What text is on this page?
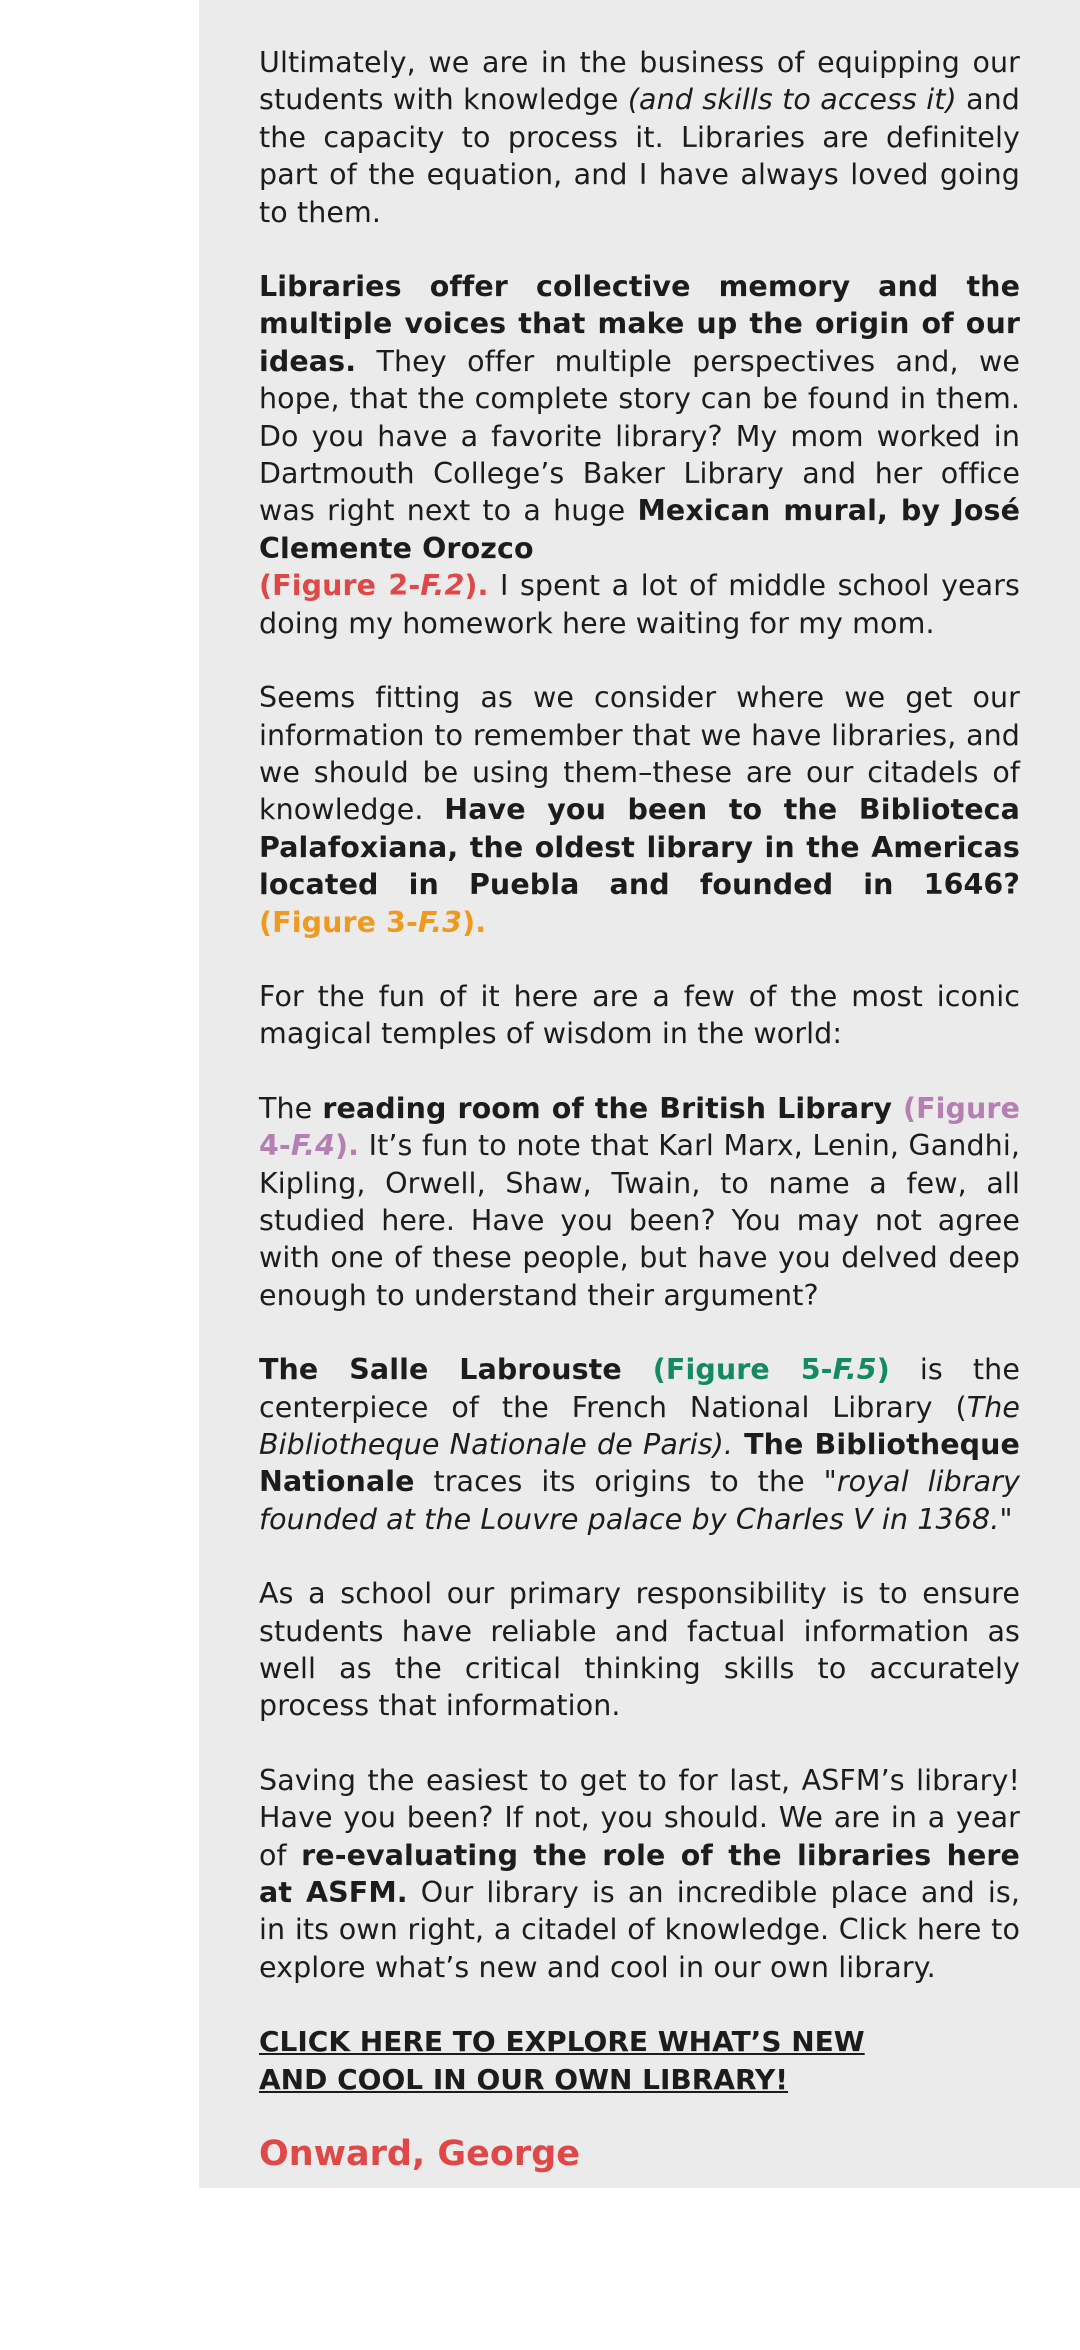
Ultimately, we are in the business of equipping our students with knowledge (and skills to access it) and the capacity to process it. Libraries are definitely part of the equation, and I have always loved going to them.

Libraries offer collective memory and the multiple voices that make up the origin of our ideas. They offer multiple perspectives and, we hope, that the complete story can be found in them. Do you have a favorite library? My mom worked in Dartmouth College’s Baker Library and her office was right next to a huge Mexican mural, by José Clemente Orozco
(Figure 2-F.2). I spent a lot of middle school years doing my homework here waiting for my mom.

Seems fitting as we consider where we get our information to remember that we have libraries, and we should be using them–these are our citadels of knowledge. Have you been to the Biblioteca Palafoxiana, the oldest library in the Americas located in Puebla and founded in 1646? (Figure 3-F.3).

For the fun of it here are a few of the most iconic magical temples of wisdom in the world:

The reading room of the British Library (Figure 4-F.4). It’s fun to note that Karl Marx, Lenin, Gandhi, Kipling, Orwell, Shaw, Twain, to name a few, all studied here. Have you been? You may not agree with one of these people, but have you delved deep enough to understand their argument?

The Salle Labrouste (Figure 5-F.5) is the centerpiece of the French National Library (The Bibliotheque Nationale de Paris). The Bibliotheque Nationale traces its origins to the "royal library founded at the Louvre palace by Charles V in 1368."

As a school our primary responsibility is to ensure students have reliable and factual information as well as the critical thinking skills to accurately process that information.

Saving the easiest to get to for last, ASFM’s library! Have you been? If not, you should. We are in a year of re-evaluating the role of the libraries here at ASFM. Our library is an incredible place and is, in its own right, a citadel of knowledge. Click here to explore what’s new and cool in our own library.

CLICK HERE TO EXPLORE WHAT’S NEW
AND COOL IN OUR OWN LIBRARY!
Onward, George
